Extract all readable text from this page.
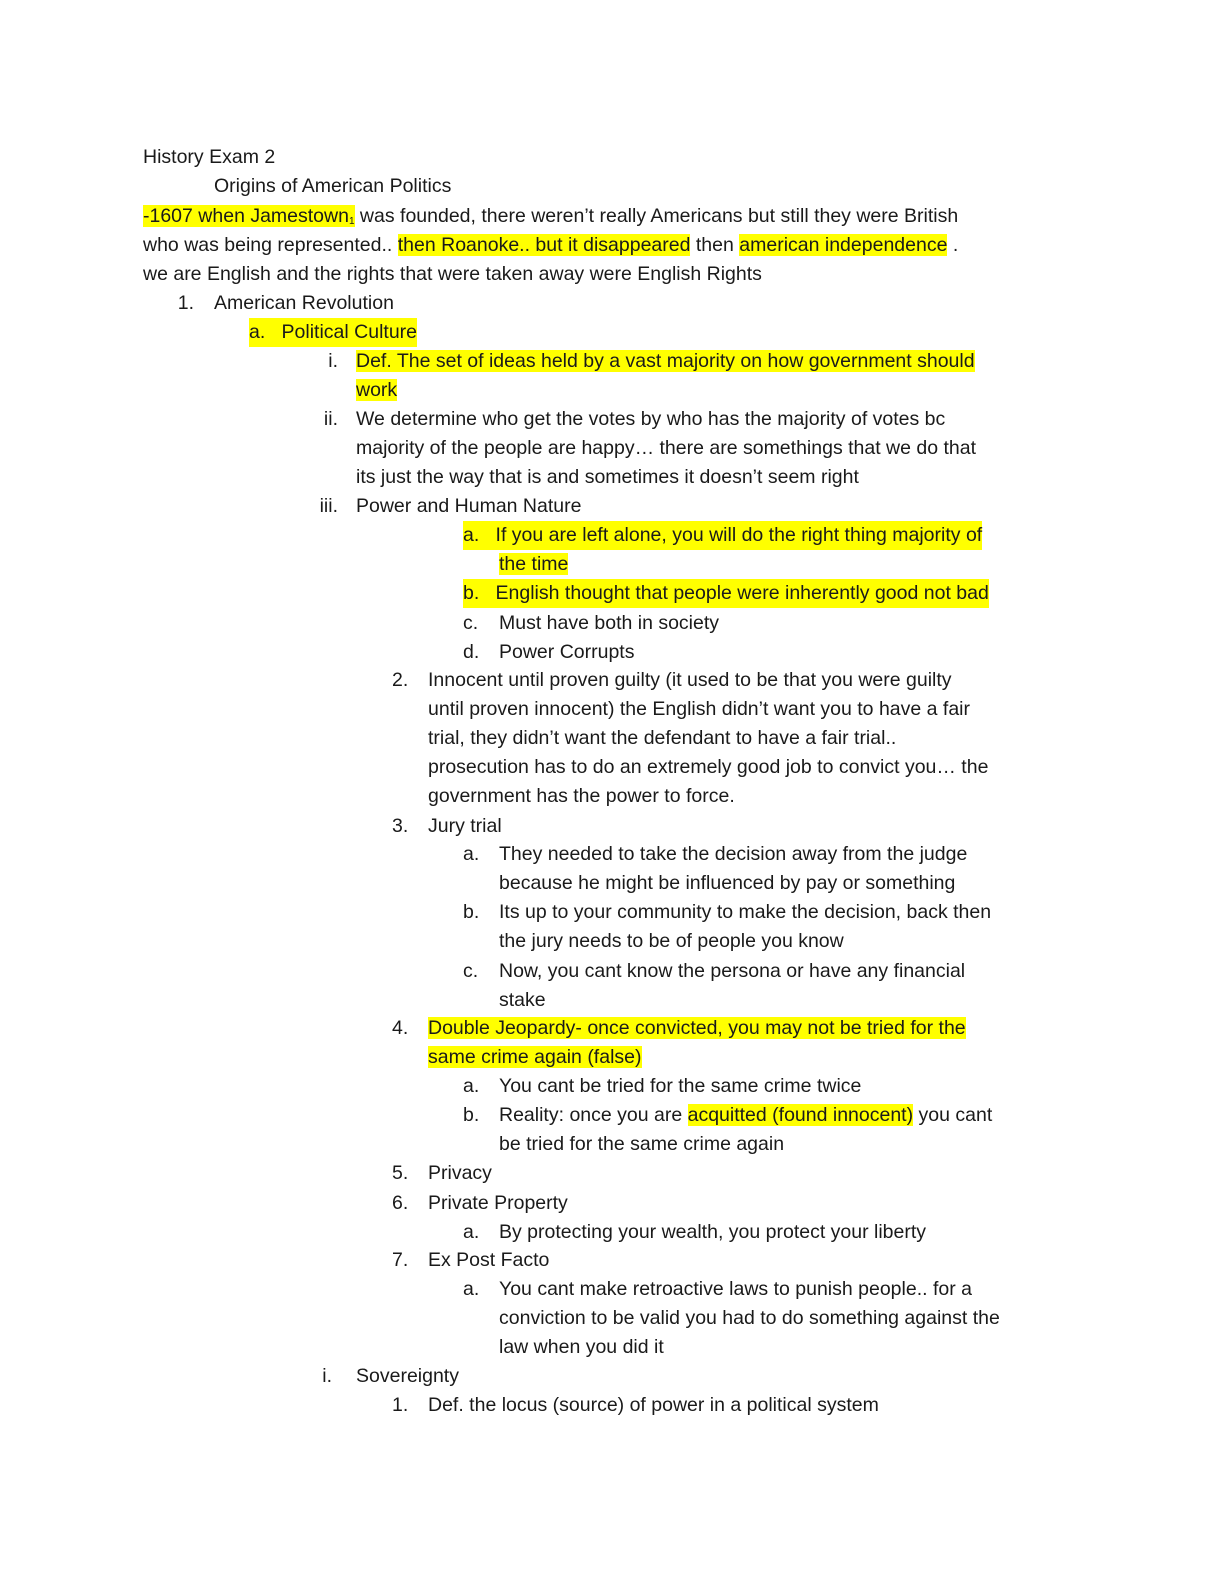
History Exam 2
Origins of American Politics
-1607 when Jamestown$_1$ was founded, there weren’t really Americans but still they were British
who was being represented.. then Roanoke.. but it disappeared then american independence .
we are English and the rights that were taken away were English Rights
1. American Revolution
a. Political Culture
i. Def. The set of ideas held by a vast majority on how government should
work
ii. We determine who get the votes by who has the majority of votes bc
majority of the people are happy… there are somethings that we do that
its just the way that is and sometimes it doesn’t seem right
iii. Power and Human Nature
a. If you are left alone, you will do the right thing majority of
the time
b. English thought that people were inherently good not bad
c. Must have both in society
d. Power Corrupts
2. Innocent until proven guilty (it used to be that you were guilty
until proven innocent) the English didn’t want you to have a fair
trial, they didn’t want the defendant to have a fair trial..
prosecution has to do an extremely good job to convict you… the
government has the power to force.
3. Jury trial
a. They needed to take the decision away from the judge
because he might be influenced by pay or something
b. Its up to your community to make the decision, back then
the jury needs to be of people you know
c. Now, you cant know the persona or have any financial
stake
4. Double Jeopardy- once convicted, you may not be tried for the
same crime again (false)
a. You cant be tried for the same crime twice
b. Reality: once you are acquitted (found innocent) you cant
be tried for the same crime again
5. Privacy
6. Private Property
a. By protecting your wealth, you protect your liberty
7. Ex Post Facto
a. You cant make retroactive laws to punish people.. for a
conviction to be valid you had to do something against the
law when you did it
i. Sovereignty
1. Def. the locus (source) of power in a political system
